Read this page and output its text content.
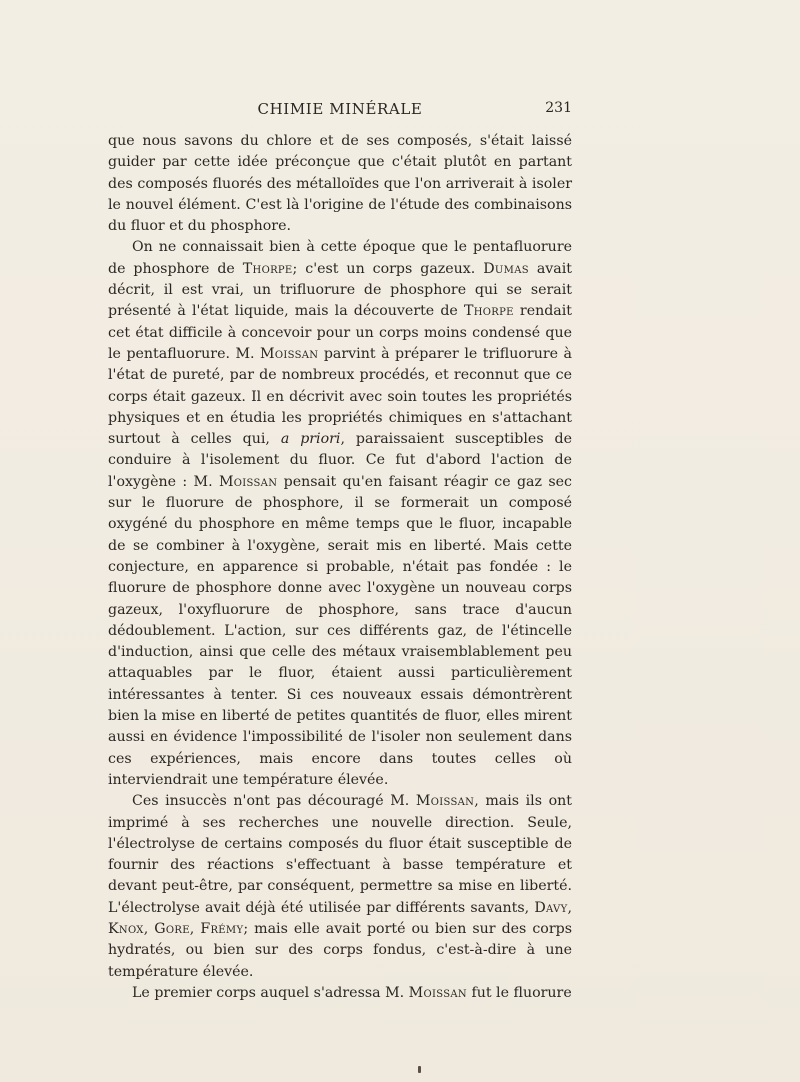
CHIMIE MINÉRALE	231

que nous savons du chlore et de ses composés, s'était laissé guider par cette idée préconçue que c'était plutôt en partant des composés fluorés des métalloïdes que l'on arriverait à isoler le nouvel élément. C'est là l'origine de l'étude des combinaisons du fluor et du phosphore.

On ne connaissait bien à cette époque que le pentafluorure de phosphore de Thorpe; c'est un corps gazeux. Dumas avait décrit, il est vrai, un trifluorure de phosphore qui se serait présenté à l'état liquide, mais la découverte de Thorpe rendait cet état difficile à concevoir pour un corps moins condensé que le pentafluorure. M. Moissan parvint à préparer le trifluorure à l'état de pureté, par de nombreux procédés, et reconnut que ce corps était gazeux. Il en décrivit avec soin toutes les propriétés physiques et en étudia les propriétés chimiques en s'attachant surtout à celles qui, a priori, paraissaient susceptibles de conduire à l'isolement du fluor. Ce fut d'abord l'action de l'oxygène : M. Moissan pensait qu'en faisant réagir ce gaz sec sur le fluorure de phosphore, il se formerait un composé oxygéné du phosphore en même temps que le fluor, incapable de se combiner à l'oxygène, serait mis en liberté. Mais cette conjecture, en apparence si probable, n'était pas fondée : le fluorure de phosphore donne avec l'oxygène un nouveau corps gazeux, l'oxyfluorure de phosphore, sans trace d'aucun dédoublement. L'action, sur ces différents gaz, de l'étincelle d'induction, ainsi que celle des métaux vraisemblablement peu attaquables par le fluor, étaient aussi particulièrement intéressantes à tenter. Si ces nouveaux essais démontrèrent bien la mise en liberté de petites quantités de fluor, elles mirent aussi en évidence l'impossibilité de l'isoler non seulement dans ces expériences, mais encore dans toutes celles où interviendrait une température élevée.

Ces insuccès n'ont pas découragé M. Moissan, mais ils ont imprimé à ses recherches une nouvelle direction. Seule, l'électrolyse de certains composés du fluor était susceptible de fournir des réactions s'effectuant à basse température et devant peut-être, par conséquent, permettre sa mise en liberté. L'électrolyse avait déjà été utilisée par différents savants, Davy, Knox, Gore, Frémy; mais elle avait porté ou bien sur des corps hydratés, ou bien sur des corps fondus, c'est-à-dire à une température élevée.

Le premier corps auquel s'adressa M. Moissan fut le fluorure
